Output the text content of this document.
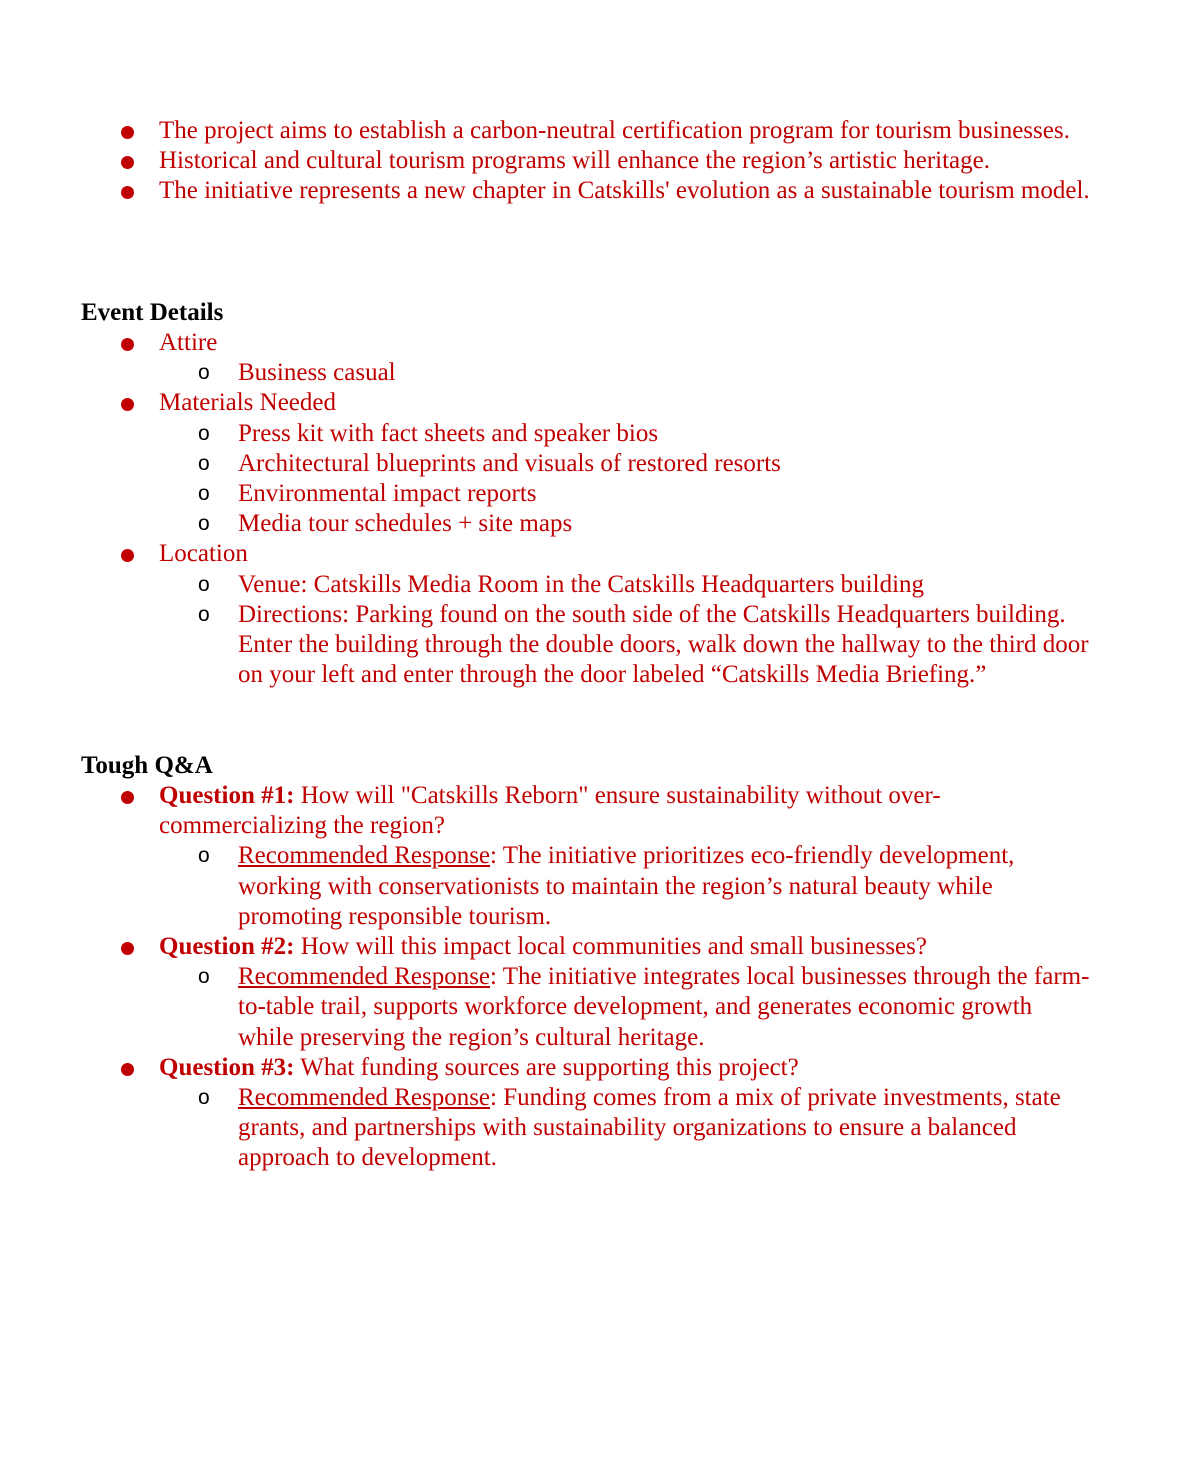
The project aims to establish a carbon-neutral certification program for tourism businesses.
Historical and cultural tourism programs will enhance the region’s artistic heritage.
The initiative represents a new chapter in Catskills' evolution as a sustainable tourism model.
Event Details
Attire
o Business casual
Materials Needed
o Press kit with fact sheets and speaker bios
o Architectural blueprints and visuals of restored resorts
o Environmental impact reports
o Media tour schedules + site maps
Location
o Venue: Catskills Media Room in the Catskills Headquarters building
o Directions: Parking found on the south side of the Catskills Headquarters building. Enter the building through the double doors, walk down the hallway to the third door on your left and enter through the door labeled “Catskills Media Briefing.”
Tough Q&A
Question #1: How will "Catskills Reborn" ensure sustainability without over-commercializing the region?
o Recommended Response: The initiative prioritizes eco-friendly development, working with conservationists to maintain the region’s natural beauty while promoting responsible tourism.
Question #2: How will this impact local communities and small businesses?
o Recommended Response: The initiative integrates local businesses through the farm-to-table trail, supports workforce development, and generates economic growth while preserving the region’s cultural heritage.
Question #3: What funding sources are supporting this project?
o Recommended Response: Funding comes from a mix of private investments, state grants, and partnerships with sustainability organizations to ensure a balanced approach to development.
